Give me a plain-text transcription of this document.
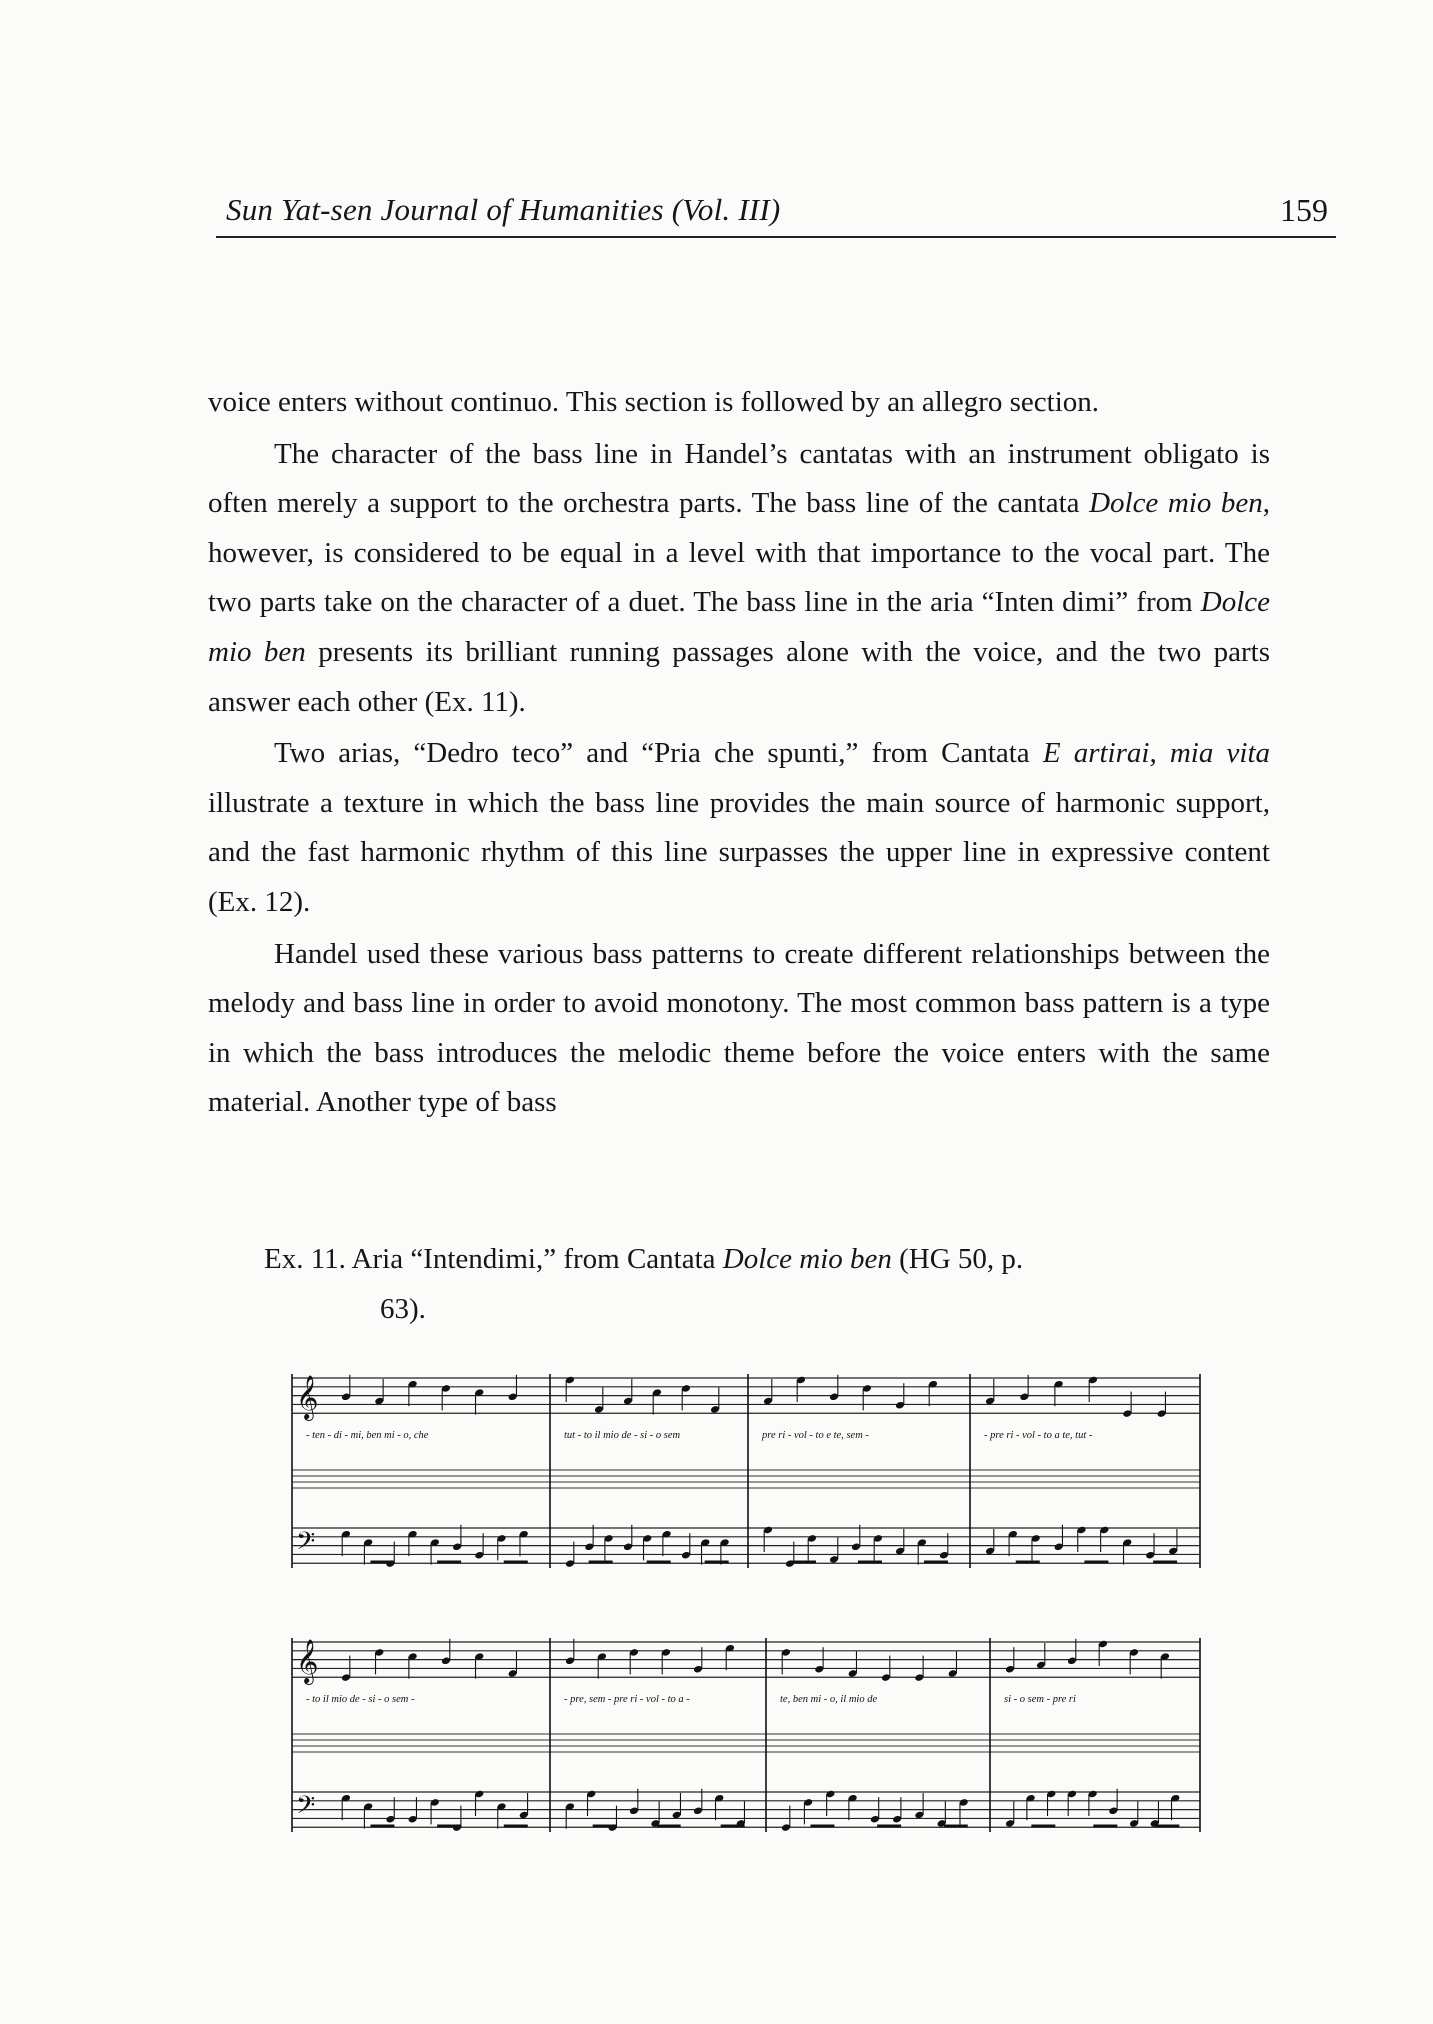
Sun Yat-sen Journal of Humanities (Vol. III)	159

voice enters without continuo. This section is followed by an allegro section.

The character of the bass line in Handel’s cantatas with an instrument obligato is often merely a support to the orchestra parts. The bass line of the cantata Dolce mio ben, however, is considered to be equal in a level with that importance to the vocal part. The two parts take on the character of a duet. The bass line in the aria “Inten dimi” from Dolce mio ben presents its brilliant running passages alone with the voice, and the two parts answer each other (Ex. 11).

Two arias, “Dedro teco” and “Pria che spunti,” from Cantata E artirai, mia vita illustrate a texture in which the bass line provides the main source of harmonic support, and the fast harmonic rhythm of this line surpasses the upper line in expressive content (Ex. 12).

Handel used these various bass patterns to create different relationships between the melody and bass line in order to avoid monotony. The most common bass pattern is a type in which the bass introduces the melodic theme before the voice enters with the same material. Another type of bass

Ex. 11. Aria “Intendimi,” from Cantata Dolce mio ben (HG 50, p.
63).
𝄞
𝄢
- ten - di - mi, ben mi - o, che	tut - to il mio de - si - o sem	pre ri - vol - to e te, sem -	- pre ri - vol - to a te, tut -
𝄞
𝄢
- to il mio de - si - o sem -	- pre, sem - pre ri - vol - to a -	te, ben mi - o, il mio de	si - o sem - pre ri
